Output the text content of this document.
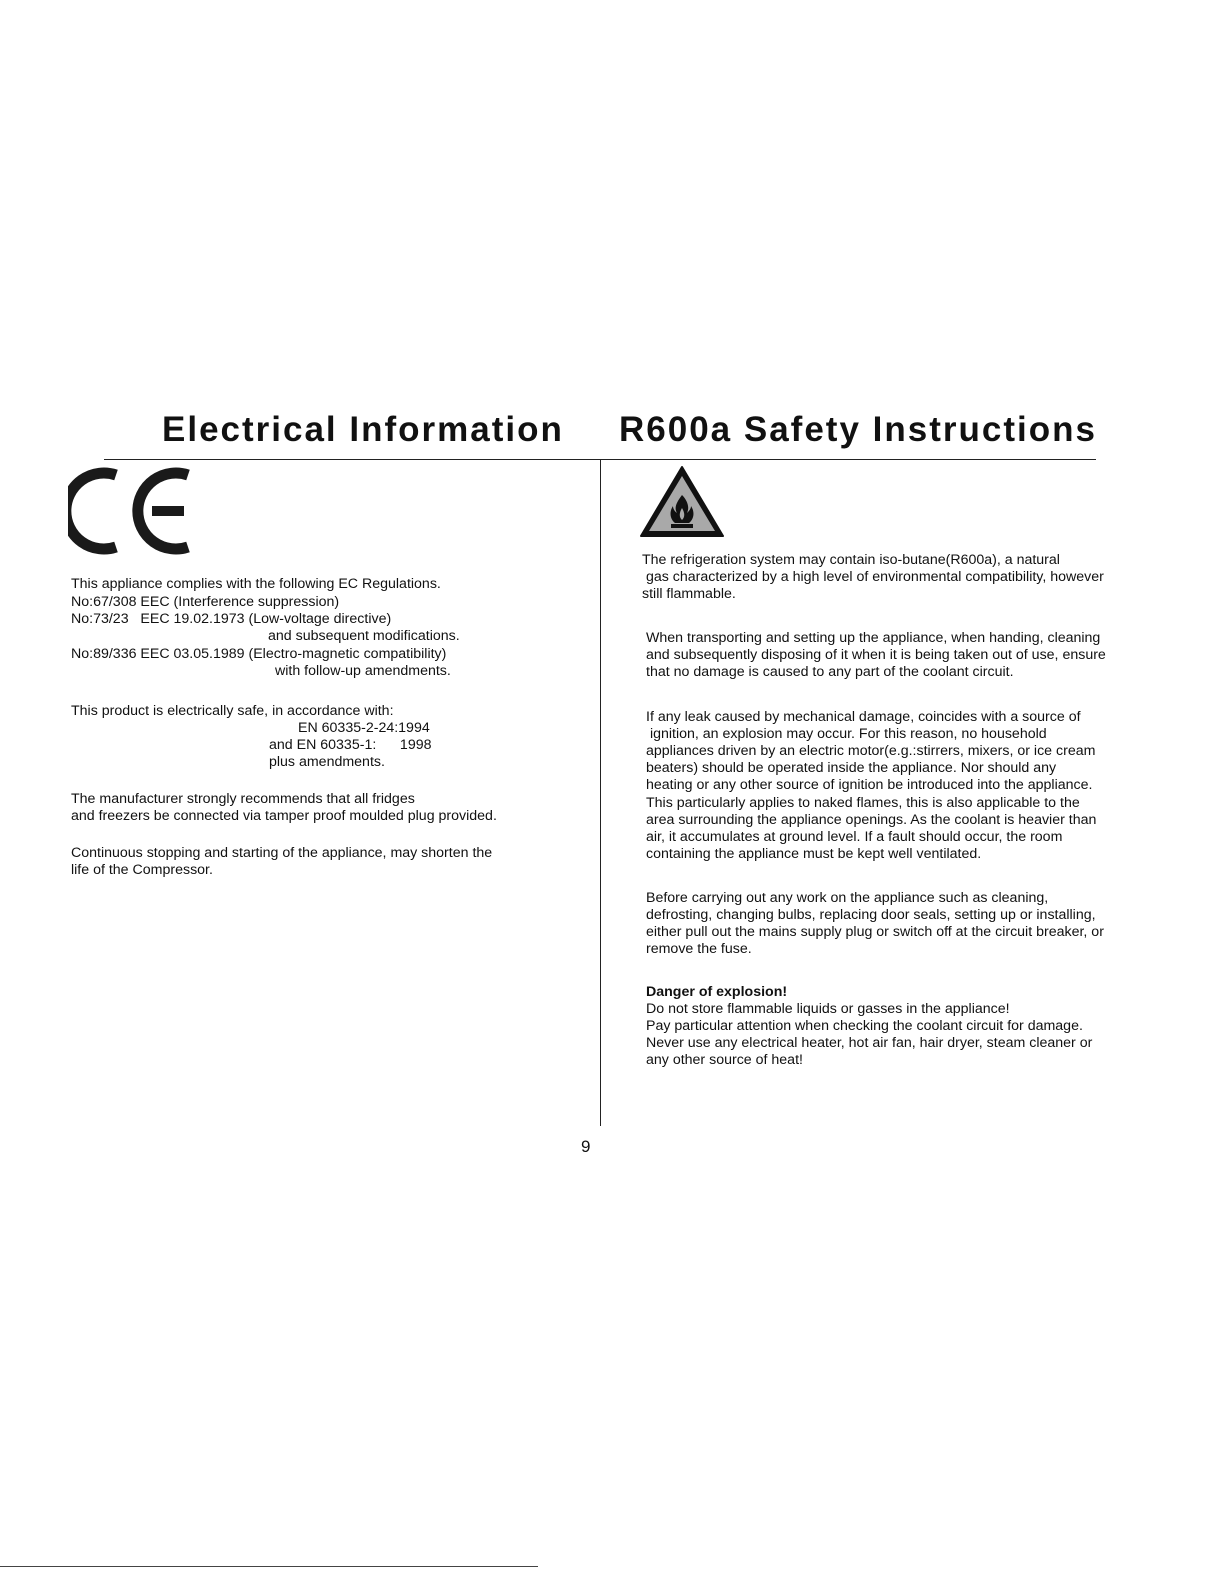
Electrical Information R600a Safety Instructions
This appliance complies with the following EC Regulations.
No:67/308 EEC (Interference suppression)
No:73/23   EEC 19.02.1973 (Low-voltage directive)
and subsequent modifications.
No:89/336 EEC 03.05.1989 (Electro-magnetic compatibility)
with follow-up amendments.
This product is electrically safe, in accordance with:
EN 60335-2-24:1994
and EN 60335-1:      1998
plus amendments.
The manufacturer strongly recommends that all fridges
and freezers be connected via tamper proof moulded plug provided.
Continuous stopping and starting of the appliance, may shorten the
life of the Compressor.
The refrigeration system may contain iso-butane(R600a), a natural
gas characterized by a high level of environmental compatibility, however
still flammable.
When transporting and setting up the appliance, when handing, cleaning
and subsequently disposing of it when it is being taken out of use, ensure
that no damage is caused to any part of the coolant circuit.
If any leak caused by mechanical damage, coincides with a source of
ignition, an explosion may occur. For this reason, no household
appliances driven by an electric motor(e.g.:stirrers, mixers, or ice cream
beaters) should be operated inside the appliance. Nor should any
heating or any other source of ignition be introduced into the appliance.
This particularly applies to naked flames, this is also applicable to the
area surrounding the appliance openings. As the coolant is heavier than
air, it accumulates at ground level. If a fault should occur, the room
containing the appliance must be kept well ventilated.
Before carrying out any work on the appliance such as cleaning,
defrosting, changing bulbs, replacing door seals, setting up or installing,
either pull out the mains supply plug or switch off at the circuit breaker, or
remove the fuse.
Danger of explosion!
Do not store flammable liquids or gasses in the appliance!
Pay particular attention when checking the coolant circuit for damage.
Never use any electrical heater, hot air fan, hair dryer, steam cleaner or
any other source of heat!
9
